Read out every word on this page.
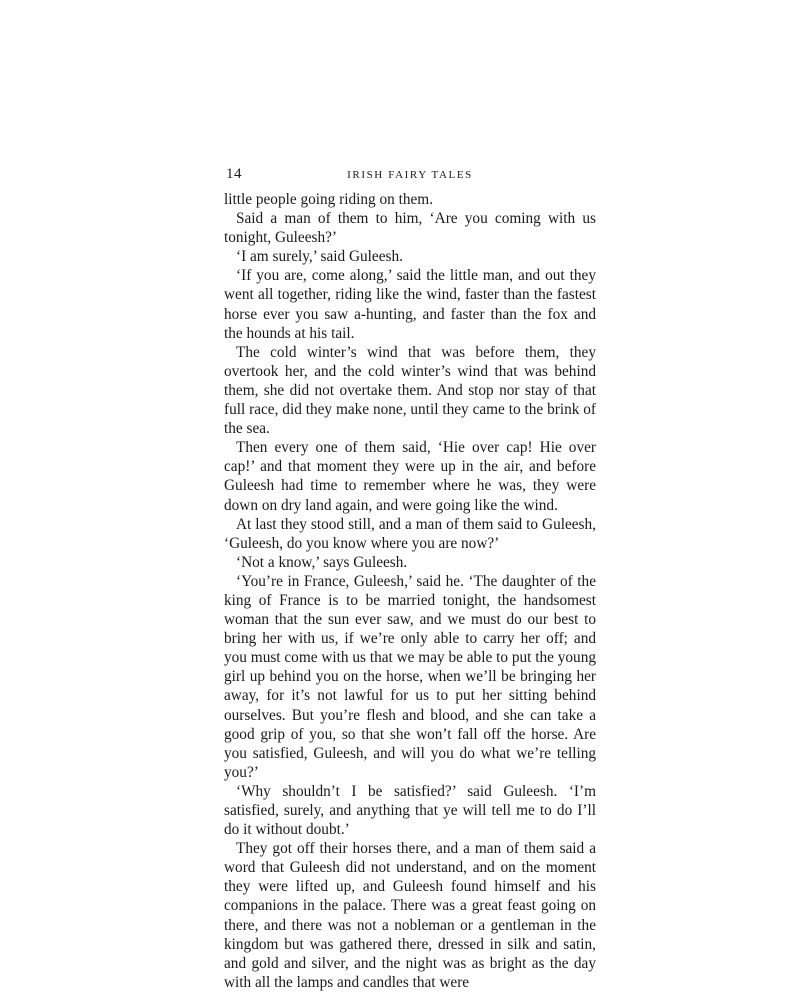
14	IRISH FAIRY TALES

little people going riding on them.

Said a man of them to him, ‘Are you coming with us tonight, Guleesh?’

‘I am surely,’ said Guleesh.

‘If you are, come along,’ said the little man, and out they went all together, riding like the wind, faster than the fastest horse ever you saw a-hunting, and faster than the fox and the hounds at his tail.

The cold winter’s wind that was before them, they overtook her, and the cold winter’s wind that was behind them, she did not overtake them. And stop nor stay of that full race, did they make none, until they came to the brink of the sea.

Then every one of them said, ‘Hie over cap! Hie over cap!’ and that moment they were up in the air, and before Guleesh had time to remember where he was, they were down on dry land again, and were going like the wind.

At last they stood still, and a man of them said to Guleesh, ‘Guleesh, do you know where you are now?’

‘Not a know,’ says Guleesh.

‘You’re in France, Guleesh,’ said he. ‘The daughter of the king of France is to be married tonight, the handsomest woman that the sun ever saw, and we must do our best to bring her with us, if we’re only able to carry her off; and you must come with us that we may be able to put the young girl up behind you on the horse, when we’ll be bringing her away, for it’s not lawful for us to put her sitting behind ourselves. But you’re flesh and blood, and she can take a good grip of you, so that she won’t fall off the horse. Are you satisfied, Guleesh, and will you do what we’re telling you?’

‘Why shouldn’t I be satisfied?’ said Guleesh. ‘I’m satisfied, surely, and anything that ye will tell me to do I’ll do it without doubt.’

They got off their horses there, and a man of them said a word that Guleesh did not understand, and on the moment they were lifted up, and Guleesh found himself and his companions in the palace. There was a great feast going on there, and there was not a nobleman or a gentleman in the kingdom but was gathered there, dressed in silk and satin, and gold and silver, and the night was as bright as the day with all the lamps and candles that were
